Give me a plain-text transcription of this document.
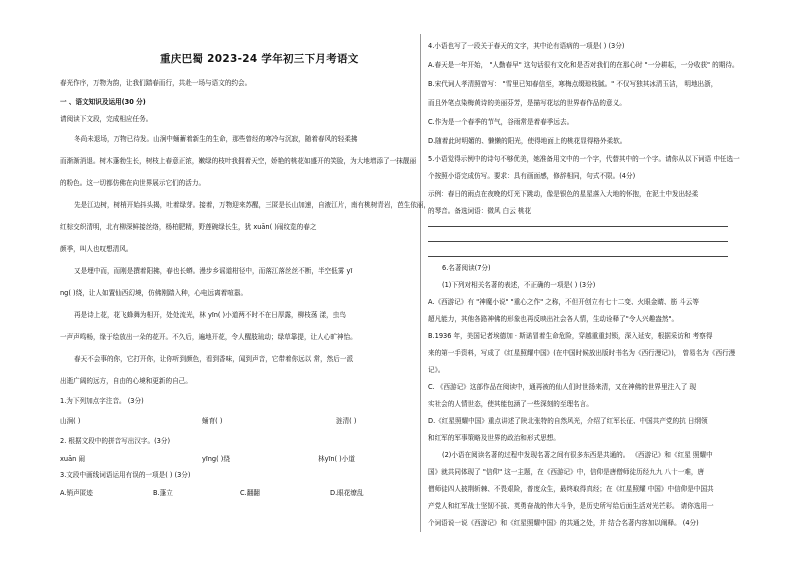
重庆巴蜀 2023-24 学年初三下月考语文
春光作序，万物为韵，让我们踏春而行，共赴一场与语文的约会。
一 、语文知识及运用(30 分)
请阅读下文段，完成相应任务。
冬尚未退场，万物已待发。山涧中蛹蓄着新生的生命，那些曾经的寒冷与沉寂，随着春风的轻柔拂
而渐渐消退。树木蓬勃生长，树枝上春意正浓，嫩绿的枝叶我拥着天空，娇艳的桃花如盛开的笑脸，为大地增添了一抹靓丽
的粉色。这一切都仿佛在向世界展示它们的活力。
先是江边树，树梢开始抖头揭，吐着绿芽。接着，万物迎来苏醒，三匿是长山加速，自液江片，南有桃树青岩，芭生依丽，
红棕交织清明，北有柳深鲜接丝络，杨柏肥精，野莲碗绿长生，犹 xuān( )闹纹览的春之
颜季，叫人也叹想清风。
又是埋中而，而刚是撰着阳拂，春也长蟒。漫步乡谣道柑径中，而落江落丝丝不断，半空低雾 yī
ng( )绕，让人如置仙西幻境，仿佛刚踏入种，心电远离着喧嚣。
再是诗上花，花飞蜂舞为相开，处处流光，林 yīn( )小道两不时不在日厚露，柳枝荡 漾，虫鸟
一声声鸣畅，缘于绘放出一朵的花开。不久后，遍地开花，令人醒肢琉动；绿草靠提，让人心旷神怡。
春天不会事的你，它打开你，让你听到颜色，看到香味，闻到声音，它带着你远以 常，然后一派
出逝广阔的远方，自由的心境和更新的自己。
1.为下列加点字注音。 (3分)
山涧( )	蛹育( )	涟清( )
2. 根据文段中的拼音写出汉字。(3分)
xuān 闹	yīng( )绕	林yīn( )小道
3.文段中画线词语运用有误的一项是( ) (3分)
A.销声匿迹	B.蓬立	C.翻翻	D.眼花缭乱
4.小语也写了一段关于春天的文字，其中论有语病的一项是( ) (3分)
A.春天是一年开始， "人勤春早" 这句话很有文化和是否对我们的在那心时 "一分耕耘，一分收获" 的期待。
B.宋代词人孝清照曾写： "雪里已知春信至，寒梅点缀琼枝腻。" 不仅写独其冰清玉洁， 明地出浙，
而且外笔点染梅黄诗的美丽芬芳，是描写花坛的世界春作品的意义。
C.作为是一个春季的节气，谷雨常是着春季远去。
D.随着此时明媚的、懒懒的阳光，使得地面上的桃花显得格外柔软。
5.小语觉得示例中的诗句不够优美，她准备用文中的一个字，代替其中的一个字。请你从以下词语 中任选一
个按照小语完成仿写。要求：具有画面感，修辞相同，句式不限。(4分)
示例：春日的雨点在夜晚的灯光下跳动，像是银色的星星落入大地的怀抱，在泥土中发出轻柔
的琴音。备选词语：微风 白云 桃花
6.名著阅读(7分)
(1)下列对相关名著的表述，不正确的一项是( ) (3分)
A.《西游记》有 "神魔小说" "重心之作" 之称，不但开创立有七十二变、火眼金睛、筋 斗云等
超凡能力，其他各路神佛的形象也再反映出社会各人情，生动诠释了"令人兴趣盎然"。
B.1936 年，美国记者埃德加 · 斯诺冒着生命危险，穿越重重封锁，深入延安，根据采访和 考察得
来的第一手资料，写成了《红星照耀中国》(在中国时候放出版时书名为《西行漫记》)， 曾易名为《西行漫
记》。
C. 《西游记》这部作品在阅读中，通再被的仙人们时世扬来清，又在神佛的世界里注入了 现
实社会的人情世态，使其能包涵了一些深刻的至理名言。
D.《红星照耀中国》重点讲述了陕北张特的自然风光，介绍了红军长征、中国共产党的抗 日纲领
和红军的军事策略及世界的政治和形式思想。
(2)小语在阅读名著的过程中发现名著之间有很多东西是共通的。 《西游记》和《红星 照耀中
国》就共同体现了 "信仰" 这一主题，在《西游记》中，信仰是唐僧师徒历经九九 八十一难，唐
僧师徒四人披荆斩棘、不畏艰险，普度众生，最终取得真经；在《红星照耀 中国》中信仰是中国共
产党人和红军战士坚韧不拔、英勇奋战的伟大斗争，是历史所写给后面生活对光芒彩。 请你选用一
个词语说一说《西游记》和《红星照耀中国》的共通之处，并 结合名著内容加以阐释。 (4分)
